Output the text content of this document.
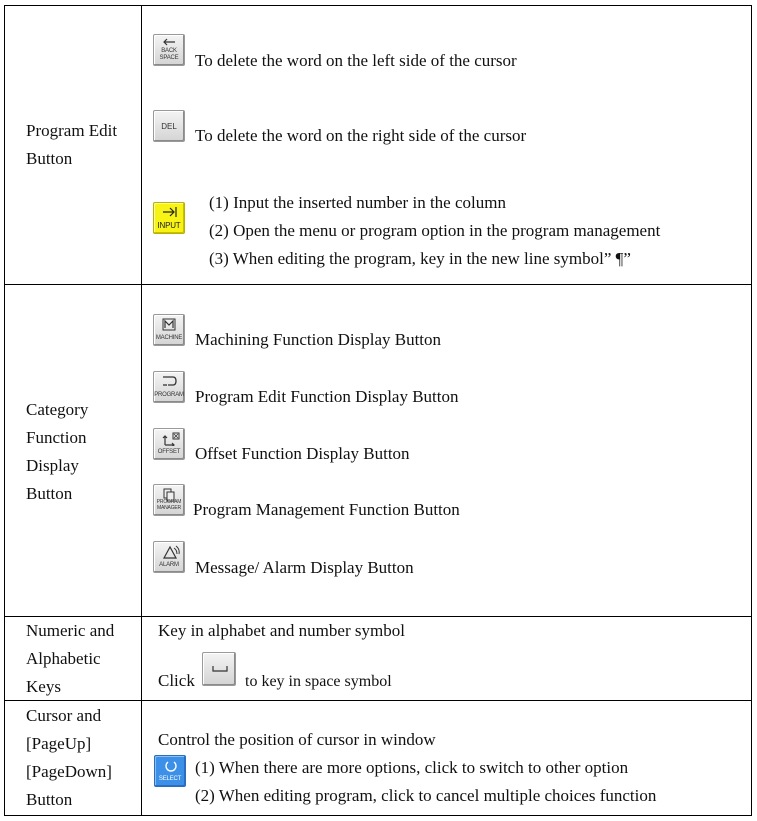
Program Edit
Button
BACK
SPACE To delete the word on the left side of the cursor
DEL	To delete the word on the right side of the cursor
INPUT
(1) Input the inserted number in the column
(2) Open the menu or program option in the program management
(3) When editing the program, key in the new line symbol” ¶”
Category
Function
Display
Button
MACHINE Machining Function Display Button
PROGRAM Program Edit Function Display Button
OFFSET Offset Function Display Button
PROGRAM
MANAGER Program Management Function Button
ALARM Message/ Alarm Display Button
Numeric and
Alphabetic
Keys
Key in alphabet and number symbol
Click	to key in space symbol
Cursor and
[PageUp]
[PageDown]
Button
Control the position of cursor in window
SELECT
(1) When there are more options, click to switch to other option
(2) When editing program, click to cancel multiple choices function
